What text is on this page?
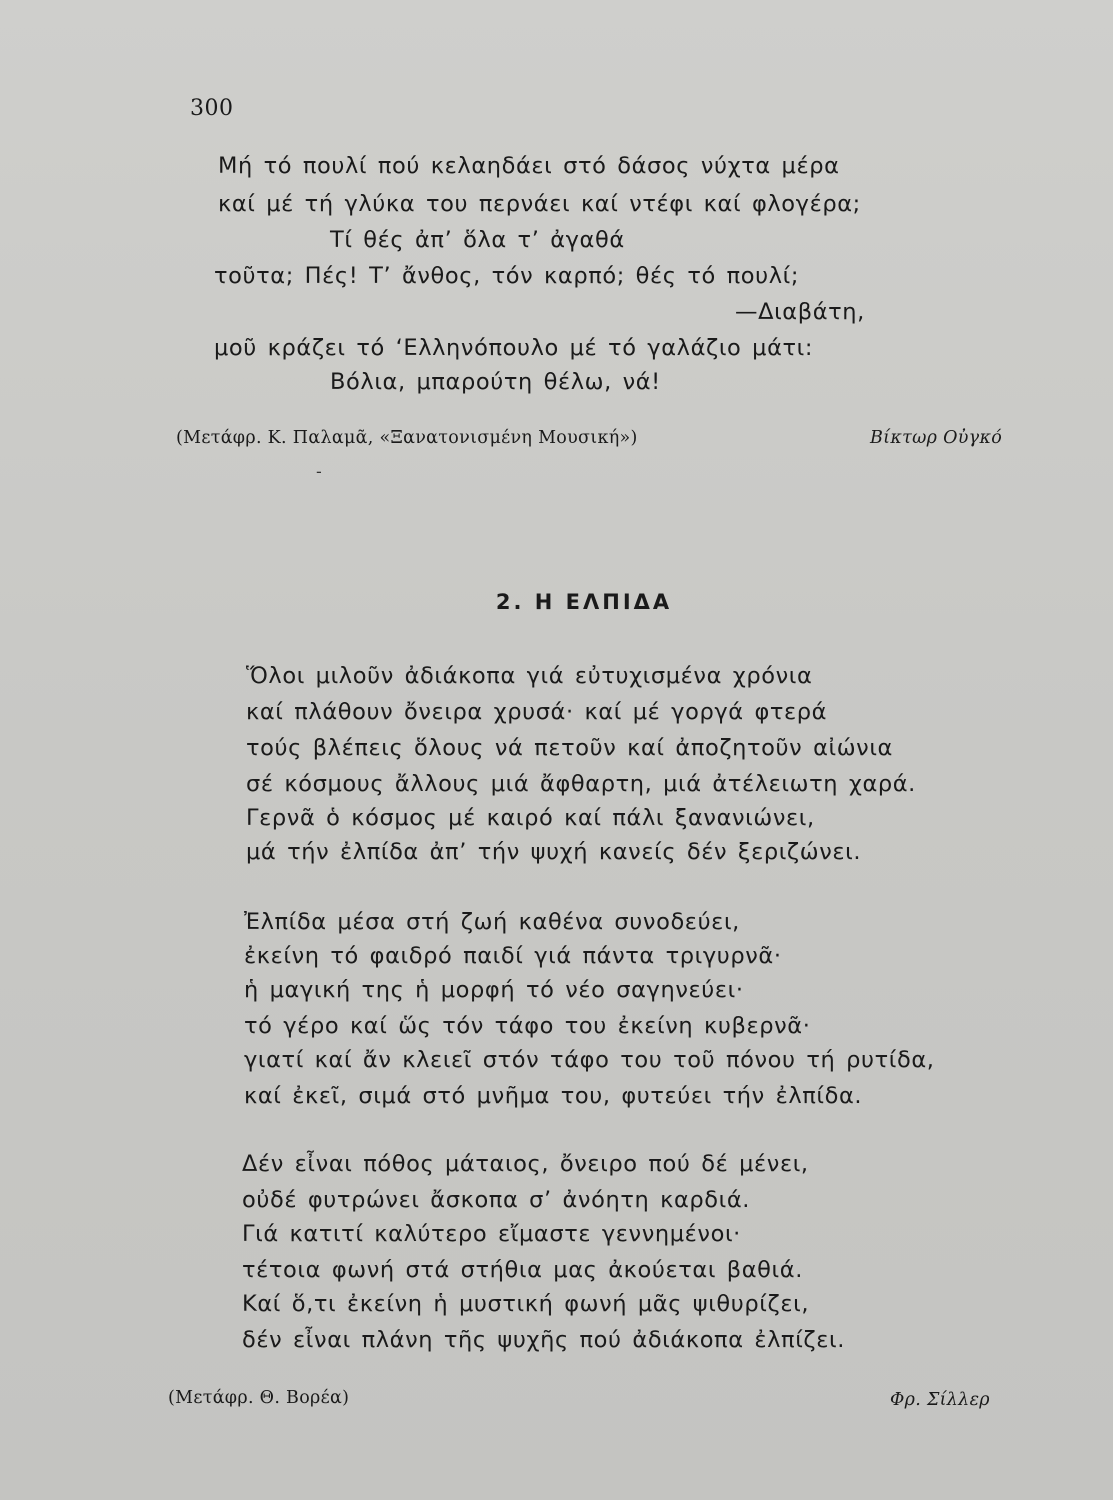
300
Μή τό πουλί πού κελαηδάει στό δάσος νύχτα μέρα
καί μέ τή γλύκα του περνάει καί ντέφι καί φλογέρα;
Τί θές ἀπ’ ὅλα τ’ ἀγαθά
τοῦτα; Πές! Τ’ ἄνθος, τόν καρπό; θές τό πουλί;
—Διαβάτη,
μοῦ κράζει τό ‘Ελληνόπουλο μέ τό γαλάζιο μάτι:
Βόλια, μπαρούτη θέλω, νά!
(Μετάφρ. Κ. Παλαμᾶ, «Ξανατονισμένη Μουσική»)	Βίκτωρ Οὐγκό
-
2. Η ΕΛΠΙΔΑ
Ὅλοι μιλοῦν ἀδιάκοπα γιά εὐτυχισμένα χρόνια
καί πλάθουν ὄνειρα χρυσά· καί μέ γοργά φτερά
τούς βλέπεις ὅλους νά πετοῦν καί ἀποζητοῦν αἰώνια
σέ κόσμους ἄλλους μιά ἄφθαρτη, μιά ἀτέλειωτη χαρά.
Γερνᾶ ὁ κόσμος μέ καιρό καί πάλι ξανανιώνει,
μά τήν ἐλπίδα ἀπ’ τήν ψυχή κανείς δέν ξεριζώνει.
Ἐλπίδα μέσα στή ζωή καθένα συνοδεύει,
ἐκείνη τό φαιδρό παιδί γιά πάντα τριγυρνᾶ·
ἡ μαγική της ἡ μορφή τό νέο σαγηνεύει·
τό γέρο καί ὥς τόν τάφο του ἐκείνη κυβερνᾶ·
γιατί καί ἄν κλειεῖ στόν τάφο του τοῦ πόνου τή ρυτίδα,
καί ἐκεῖ, σιμά στό μνῆμα του, φυτεύει τήν ἐλπίδα.
Δέν εἶναι πόθος μάταιος, ὄνειρο πού δέ μένει,
οὐδέ φυτρώνει ἄσκοπα σ’ ἀνόητη καρδιά.
Γιά κατιτί καλύτερο εἴμαστε γεννημένοι·
τέτοια φωνή στά στήθια μας ἀκούεται βαθιά.
Καί ὅ,τι ἐκείνη ἡ μυστική φωνή μᾶς ψιθυρίζει,
δέν εἶναι πλάνη τῆς ψυχῆς πού ἀδιάκοπα ἐλπίζει.
(Μετάφρ. Θ. Βορέα)	Φρ. Σίλλερ
